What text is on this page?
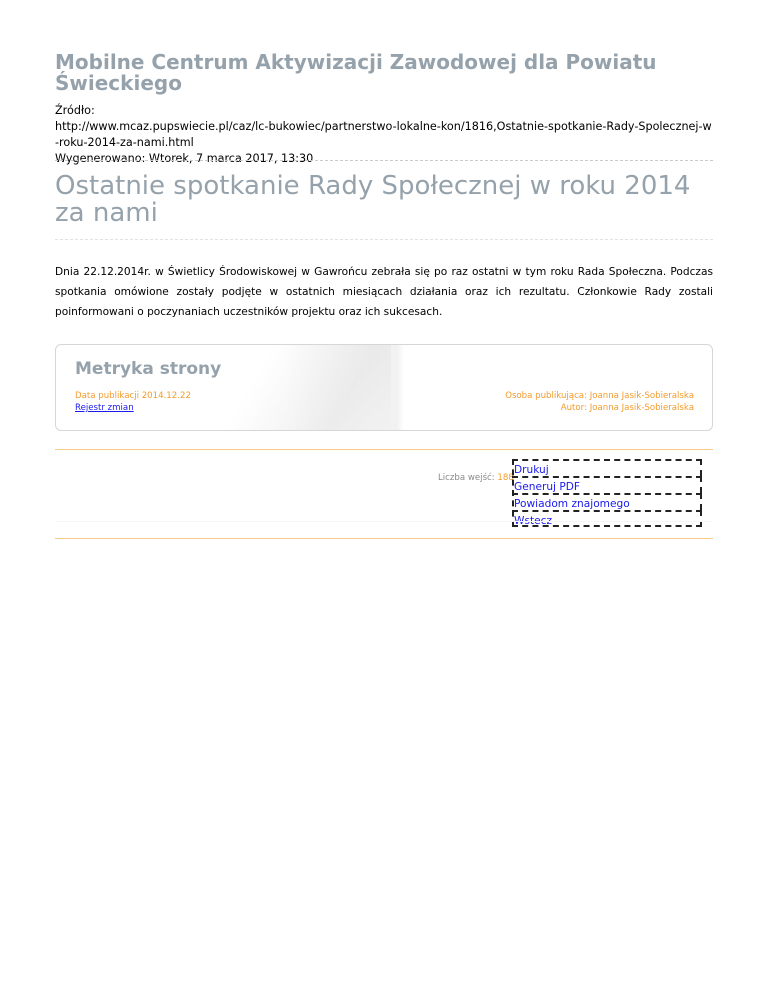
Mobilne Centrum Aktywizacji Zawodowej dla Powiatu Świeckiego
Źródło:
http://www.mcaz.pupswiecie.pl/caz/lc-bukowiec/partnerstwo-lokalne-kon/1816,Ostatnie-spotkanie-Rady-Spolecznej-w-roku-2014-za-nami.html
Wygenerowano: Wtorek, 7 marca 2017, 13:30
Ostatnie spotkanie Rady Społecznej w roku 2014 za nami

Dnia 22.12.2014r. w Świetlicy Środowiskowej w Gawrońcu zebrała się po raz ostatni w tym roku Rada Społeczna. Podczas spotkania omówione zostały podjęte w ostatnich miesiącach działania oraz ich rezultatu. Członkowie Rady zostali poinformowani o poczynaniach uczestników projektu oraz ich sukcesach.

Metryka strony
Data publikacji 2014.12.22
Rejestr zmian
Osoba publikująca: Joanna Jasik-Sobieralska
Autor: Joanna Jasik-Sobieralska
Liczba wejść: 188
Drukuj
Generuj PDF
Powiadom znajomego
Wstecz
